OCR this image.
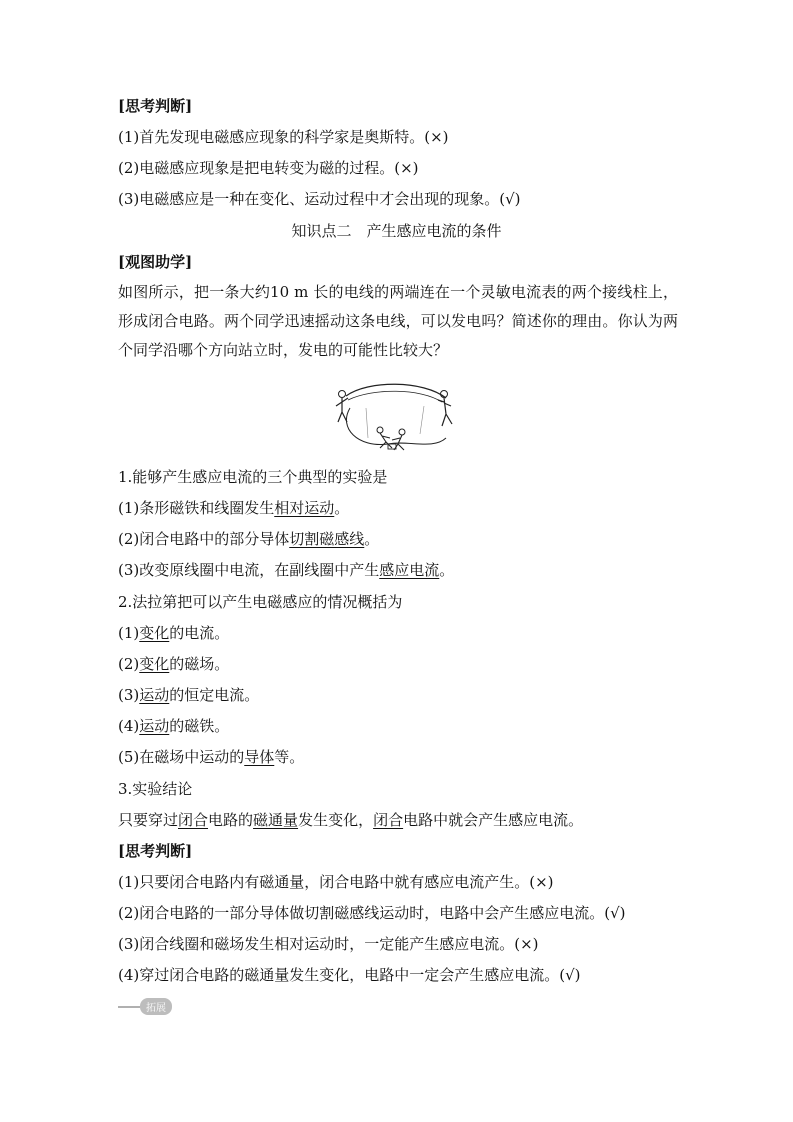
[思考判断]
(1)首先发现电磁感应现象的科学家是奥斯特。(×)
(2)电磁感应现象是把电转变为磁的过程。(×)
(3)电磁感应是一种在变化、运动过程中才会出现的现象。(√)
知识点二　产生感应电流的条件
[观图助学]
如图所示，把一条大约10 m 长的电线的两端连在一个灵敏电流表的两个接线柱上，形成闭合电路。两个同学迅速摇动这条电线，可以发电吗？简述你的理由。你认为两个同学沿哪个方向站立时，发电的可能性比较大？
1.能够产生感应电流的三个典型的实验是
(1)条形磁铁和线圈发生相对运动。
(2)闭合电路中的部分导体切割磁感线。
(3)改变原线圈中电流，在副线圈中产生感应电流。
2.法拉第把可以产生电磁感应的情况概括为
(1)变化的电流。
(2)变化的磁场。
(3)运动的恒定电流。
(4)运动的磁铁。
(5)在磁场中运动的导体等。
3.实验结论
只要穿过闭合电路的磁通量发生变化，闭合电路中就会产生感应电流。
[思考判断]
(1)只要闭合电路内有磁通量，闭合电路中就有感应电流产生。(×)
(2)闭合电路的一部分导体做切割磁感线运动时，电路中会产生感应电流。(√)
(3)闭合线圈和磁场发生相对运动时，一定能产生感应电流。(×)
(4)穿过闭合电路的磁通量发生变化，电路中一定会产生感应电流。(√)
拓展
